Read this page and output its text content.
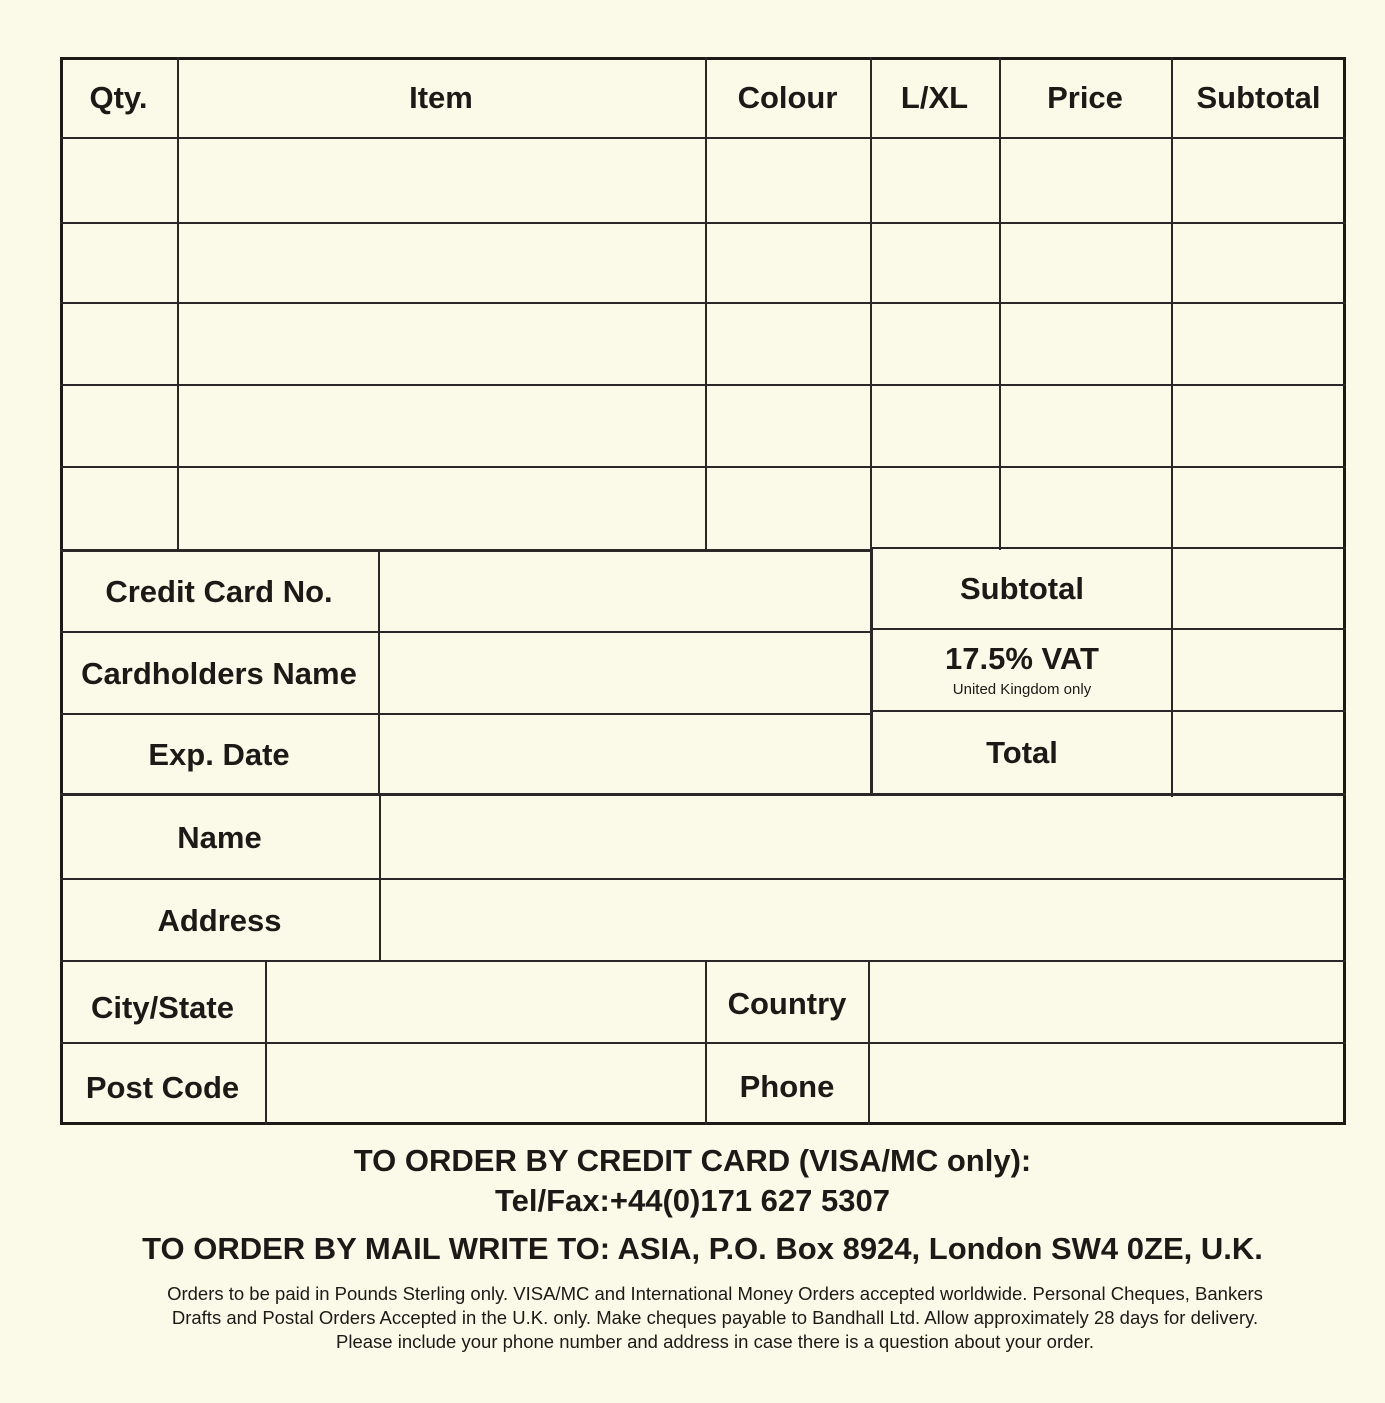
Qty.	Item	Colour	L/XL	Price	Subtotal
Credit Card No.
Cardholders Name
Exp. Date
Subtotal
17.5% VAT
United Kingdom only
Total
Name
Address
City/State	Country
Post Code	Phone
TO ORDER BY CREDIT CARD (VISA/MC only):
Tel/Fax:+44(0)171 627 5307
TO ORDER BY MAIL WRITE TO: ASIA, P.O. Box 8924, London SW4 0ZE, U.K.
Orders to be paid in Pounds Sterling only. VISA/MC and International Money Orders accepted worldwide. Personal Cheques, Bankers
Drafts and Postal Orders Accepted in the U.K. only. Make cheques payable to Bandhall Ltd. Allow approximately 28 days for delivery.
Please include your phone number and address in case there is a question about your order.
